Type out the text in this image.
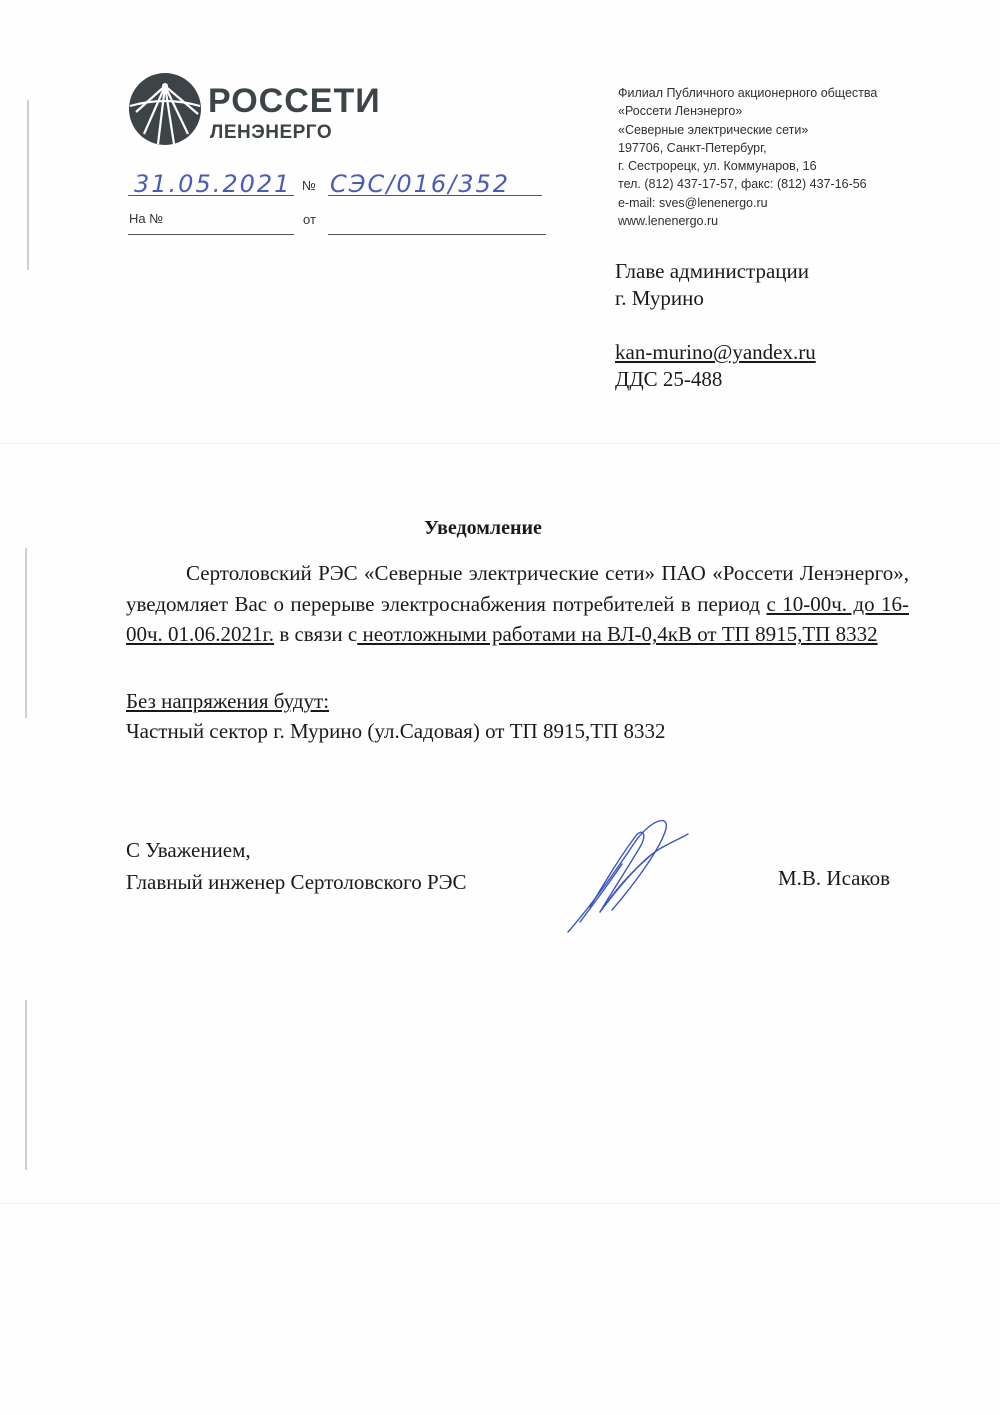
РОССЕТИ
ЛЕНЭНЕРГО
31.05.2021 № СЭС/016/352
На №	от
Филиал Публичного акционерного общества
«Россети Ленэнерго»
«Северные электрические сети»
197706, Санкт-Петербург,
г. Сестрорецк, ул. Коммунаров, 16
тел. (812) 437-17-57, факс: (812) 437-16-56
e-mail: sves@lenenergo.ru
www.lenenergo.ru
Главе администрации
г. Мурино
kan-murino@yandex.ru
ДДС 25-488
Уведомление
Сертоловский РЭС «Северные электрические сети» ПАО «Россети Ленэнерго», уведомляет Вас о перерыве электроснабжения потребителей в период с 10-00ч. до 16-00ч. 01.06.2021г. в связи с неотложными работами на ВЛ-0,4кВ от ТП 8915,ТП 8332
Без напряжения будут:
Частный сектор г. Мурино (ул.Садовая) от ТП 8915,ТП 8332
С Уважением,
Главный инженер Сертоловского РЭС	М.В. Исаков
